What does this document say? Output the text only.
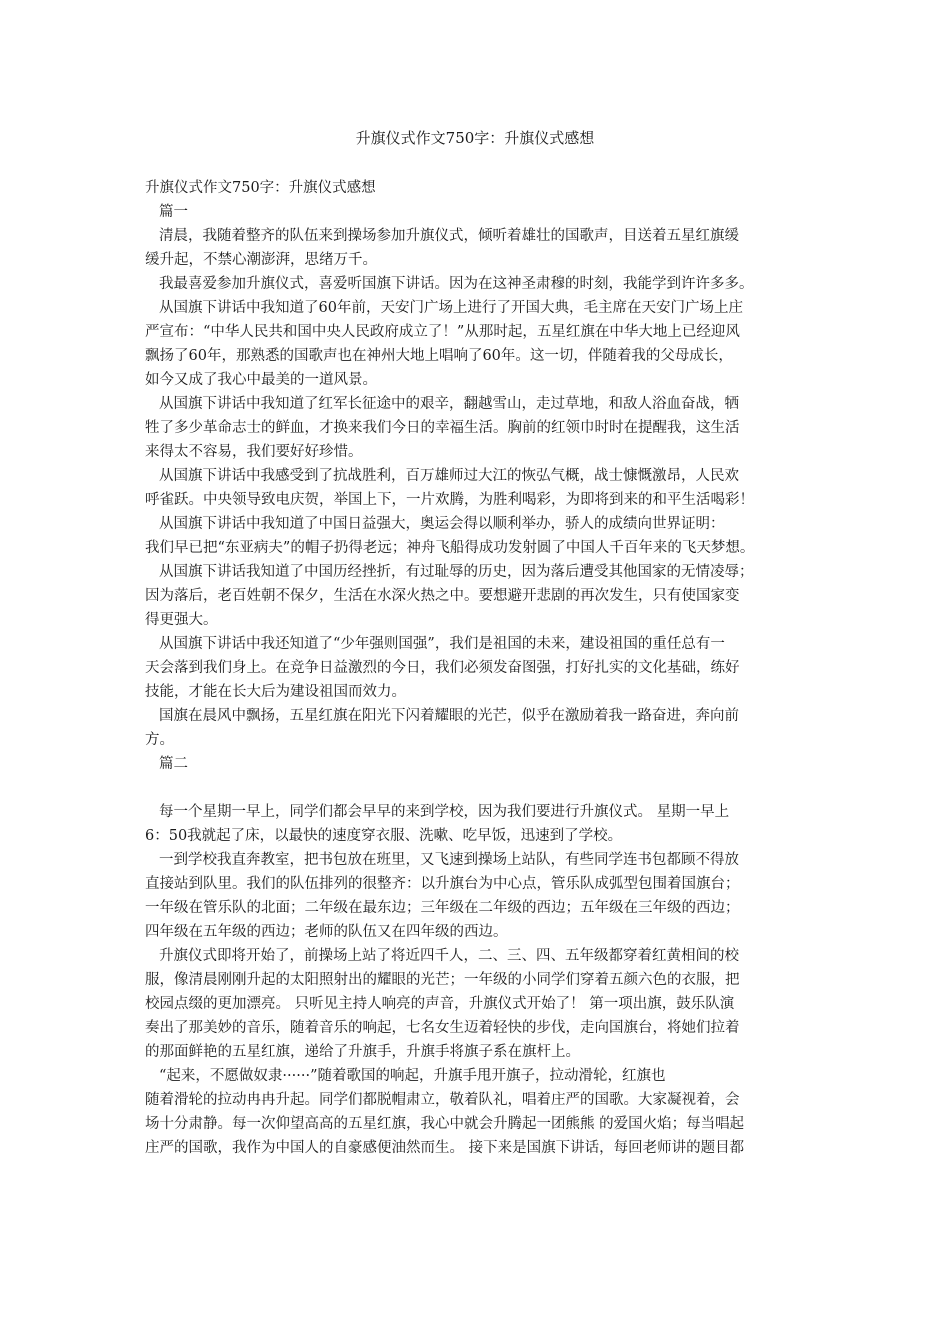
升旗仪式作文750字：升旗仪式感想
升旗仪式作文750字：升旗仪式感想
篇一
清晨，我随着整齐的队伍来到操场参加升旗仪式，倾听着雄壮的国歌声，目送着五星红旗缓
缓升起，不禁心潮澎湃，思绪万千。
我最喜爱参加升旗仪式，喜爱听国旗下讲话。因为在这神圣肃穆的时刻，我能学到许许多多。
从国旗下讲话中我知道了60年前，天安门广场上进行了开国大典，毛主席在天安门广场上庄
严宣布：“中华人民共和国中央人民政府成立了！”从那时起，五星红旗在中华大地上已经迎风
飘扬了60年，那熟悉的国歌声也在神州大地上唱响了60年。这一切，伴随着我的父母成长，
如今又成了我心中最美的一道风景。
从国旗下讲话中我知道了红军长征途中的艰辛，翻越雪山，走过草地，和敌人浴血奋战，牺
牲了多少革命志士的鲜血，才换来我们今日的幸福生活。胸前的红领巾时时在提醒我，这生活
来得太不容易，我们要好好珍惜。
从国旗下讲话中我感受到了抗战胜利，百万雄师过大江的恢弘气概，战士慷慨激昂，人民欢
呼雀跃。中央领导致电庆贺，举国上下，一片欢腾，为胜利喝彩，为即将到来的和平生活喝彩！
从国旗下讲话中我知道了中国日益强大，奥运会得以顺利举办，骄人的成绩向世界证明：
我们早已把“东亚病夫”的帽子扔得老远；神舟飞船得成功发射圆了中国人千百年来的飞天梦想。
从国旗下讲话我知道了中国历经挫折，有过耻辱的历史，因为落后遭受其他国家的无情凌辱；
因为落后，老百姓朝不保夕，生活在水深火热之中。要想避开悲剧的再次发生，只有使国家变
得更强大。
从国旗下讲话中我还知道了“少年强则国强”，我们是祖国的未来，建设祖国的重任总有一
天会落到我们身上。在竞争日益激烈的今日，我们必须发奋图强，打好扎实的文化基础，练好
技能，才能在长大后为建设祖国而效力。
国旗在晨风中飘扬，五星红旗在阳光下闪着耀眼的光芒，似乎在激励着我一路奋进，奔向前
方。
篇二
每一个星期一早上，同学们都会早早的来到学校，因为我们要进行升旗仪式。 星期一早上
6：50我就起了床，以最快的速度穿衣服、洗嗽、吃早饭，迅速到了学校。
一到学校我直奔教室，把书包放在班里，又飞速到操场上站队，有些同学连书包都顾不得放
直接站到队里。我们的队伍排列的很整齐：以升旗台为中心点，管乐队成弧型包围着国旗台；
一年级在管乐队的北面；二年级在最东边；三年级在二年级的西边；五年级在三年级的西边；
四年级在五年级的西边；老师的队伍又在四年级的西边。
升旗仪式即将开始了，前操场上站了将近四千人，二、三、四、五年级都穿着红黄相间的校
服，像清晨刚刚升起的太阳照射出的耀眼的光芒；一年级的小同学们穿着五颜六色的衣服，把
校园点缀的更加漂亮。 只听见主持人响亮的声音，升旗仪式开始了！ 第一项出旗，鼓乐队演
奏出了那美妙的音乐，随着音乐的响起，七名女生迈着轻快的步伐，走向国旗台，将她们拉着
的那面鲜艳的五星红旗，递给了升旗手，升旗手将旗子系在旗杆上。
“起来，不愿做奴隶······”随着歌国的响起，升旗手甩开旗子，拉动滑轮，红旗也
随着滑轮的拉动冉冉升起。同学们都脱帽肃立，敬着队礼，唱着庄严的国歌。大家凝视着，会
场十分肃静。每一次仰望高高的五星红旗，我心中就会升腾起一团熊熊 的爱国火焰；每当唱起
庄严的国歌，我作为中国人的自豪感便油然而生。 接下来是国旗下讲话，每回老师讲的题目都
